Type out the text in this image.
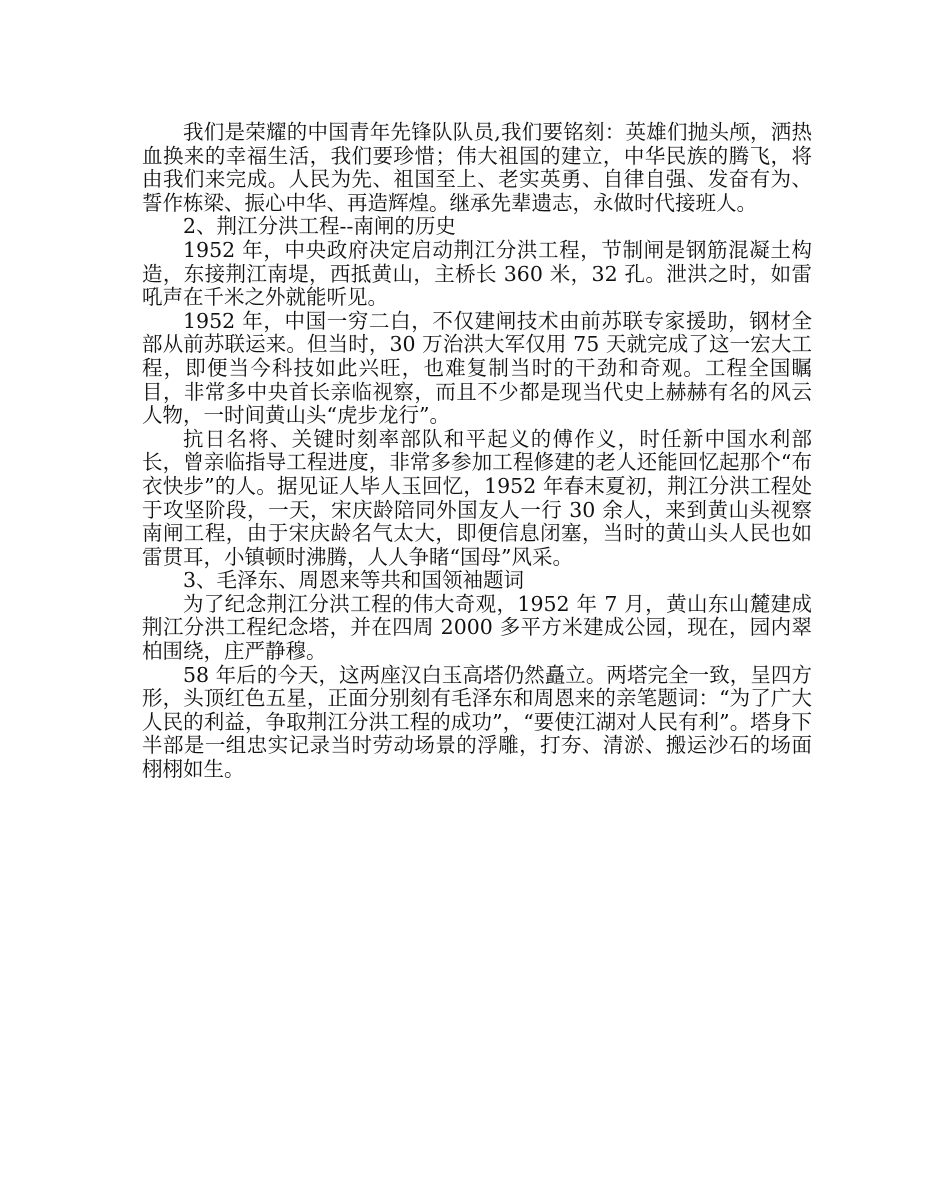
我们是荣耀的中国青年先锋队队员,我们要铭刻：英雄们抛头颅，洒热血换来的幸福生活，我们要珍惜；伟大祖国的建立，中华民族的腾飞，将由我们来完成。人民为先、祖国至上、老实英勇、自律自强、发奋有为、誓作栋梁、振心中华、再造辉煌。继承先辈遗志，永做时代接班人。

2、荆江分洪工程--南闸的历史

1952 年，中央政府决定启动荆江分洪工程，节制闸是钢筋混凝土构造，东接荆江南堤，西抵黄山，主桥长 360 米，32 孔。泄洪之时，如雷吼声在千米之外就能听见。

1952 年，中国一穷二白，不仅建闸技术由前苏联专家援助，钢材全部从前苏联运来。但当时，30 万治洪大军仅用 75 天就完成了这一宏大工程，即便当今科技如此兴旺，也难复制当时的干劲和奇观。工程全国瞩目，非常多中央首长亲临视察，而且不少都是现当代史上赫赫有名的风云人物，一时间黄山头“虎步龙行”。

抗日名将、关键时刻率部队和平起义的傅作义，时任新中国水利部长，曾亲临指导工程进度，非常多参加工程修建的老人还能回忆起那个“布衣快步”的人。据见证人毕人玉回忆，1952 年春末夏初，荆江分洪工程处于攻坚阶段，一天，宋庆龄陪同外国友人一行 30 余人，来到黄山头视察南闸工程，由于宋庆龄名气太大，即便信息闭塞，当时的黄山头人民也如雷贯耳，小镇顿时沸腾，人人争睹“国母”风采。

3、毛泽东、周恩来等共和国领袖题词

为了纪念荆江分洪工程的伟大奇观，1952 年 7 月，黄山东山麓建成荆江分洪工程纪念塔，并在四周 2000 多平方米建成公园，现在，园内翠柏围绕，庄严静穆。

58 年后的今天，这两座汉白玉高塔仍然矗立。两塔完全一致，呈四方形，头顶红色五星，正面分别刻有毛泽东和周恩来的亲笔题词：“为了广大人民的利益，争取荆江分洪工程的成功”，“要使江湖对人民有利”。塔身下半部是一组忠实记录当时劳动场景的浮雕，打夯、清淤、搬运沙石的场面栩栩如生。
